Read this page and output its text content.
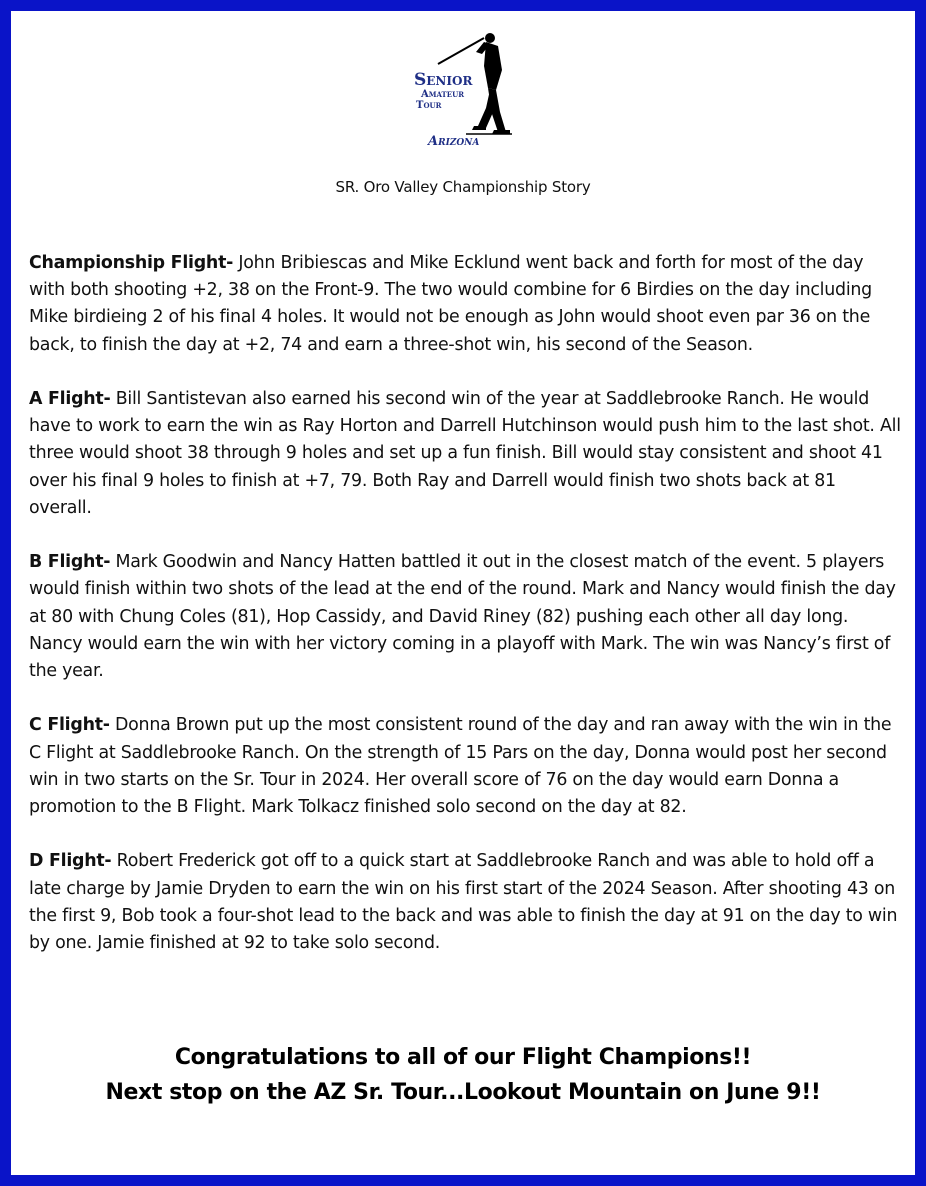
Senior
Amateur
Tour
Arizona
SR. Oro Valley Championship Story

Championship Flight- John Bribiescas and Mike Ecklund went back and forth for most of the day with both shooting +2, 38 on the Front-9. The two would combine for 6 Birdies on the day including Mike birdieing 2 of his final 4 holes. It would not be enough as John would shoot even par 36 on the back, to finish the day at +2, 74 and earn a three-shot win, his second of the Season.

A Flight- Bill Santistevan also earned his second win of the year at Saddlebrooke Ranch. He would have to work to earn the win as Ray Horton and Darrell Hutchinson would push him to the last shot. All three would shoot 38 through 9 holes and set up a fun finish. Bill would stay consistent and shoot 41 over his final 9 holes to finish at +7, 79. Both Ray and Darrell would finish two shots back at 81 overall.

B Flight- Mark Goodwin and Nancy Hatten battled it out in the closest match of the event. 5 players would finish within two shots of the lead at the end of the round. Mark and Nancy would finish the day at 80 with Chung Coles (81), Hop Cassidy, and David Riney (82) pushing each other all day long. Nancy would earn the win with her victory coming in a playoff with Mark. The win was Nancy’s first of the year.

C Flight- Donna Brown put up the most consistent round of the day and ran away with the win in the C Flight at Saddlebrooke Ranch. On the strength of 15 Pars on the day, Donna would post her second win in two starts on the Sr. Tour in 2024. Her overall score of 76 on the day would earn Donna a promotion to the B Flight. Mark Tolkacz finished solo second on the day at 82.

D Flight- Robert Frederick got off to a quick start at Saddlebrooke Ranch and was able to hold off a late charge by Jamie Dryden to earn the win on his first start of the 2024 Season. After shooting 43 on the first 9, Bob took a four-shot lead to the back and was able to finish the day at 91 on the day to win by one. Jamie finished at 92 to take solo second.

Congratulations to all of our Flight Champions!!
Next stop on the AZ Sr. Tour...Lookout Mountain on June 9!!
